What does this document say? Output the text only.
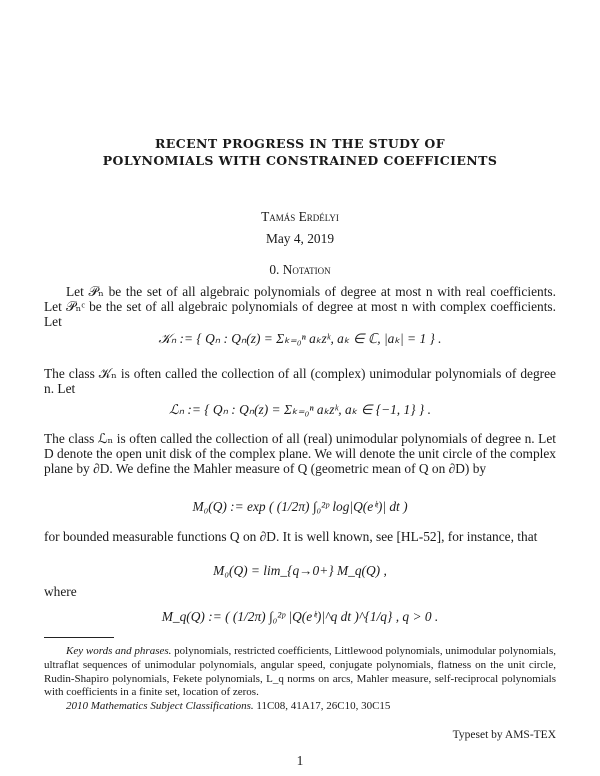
RECENT PROGRESS IN THE STUDY OF
POLYNOMIALS WITH CONSTRAINED COEFFICIENTS
Tamás Erdélyi
May 4, 2019
0. Notation
Let 𝒫ₙ be the set of all algebraic polynomials of degree at most n with real coefficients. Let 𝒫ₙᶜ be the set of all algebraic polynomials of degree at most n with complex coefficients. Let
𝒦ₙ := { Qₙ : Qₙ(z) = Σₖ₌₀ⁿ aₖzᵏ, aₖ ∈ ℂ, |aₖ| = 1 } .
The class 𝒦ₙ is often called the collection of all (complex) unimodular polynomials of degree n. Let
ℒₙ := { Qₙ : Qₙ(z) = Σₖ₌₀ⁿ aₖzᵏ, aₖ ∈ {−1, 1} } .
The class ℒₙ is often called the collection of all (real) unimodular polynomials of degree n. Let D denote the open unit disk of the complex plane. We will denote the unit circle of the complex plane by ∂D. We define the Mahler measure of Q (geometric mean of Q on ∂D) by
M₀(Q) := exp ( (1/2π) ∫₀²ᵖ log|Q(eⁱᵗ)| dt )
for bounded measurable functions Q on ∂D. It is well known, see [HL-52], for instance, that
M₀(Q) = lim_{q→0+} M_q(Q) ,
where
M_q(Q) := ( (1/2π) ∫₀²ᵖ |Q(eⁱᵗ)|^q dt )^{1/q} , q > 0 .
Key words and phrases. polynomials, restricted coefficients, Littlewood polynomials, unimodular polynomials, ultraflat sequences of unimodular polynomials, angular speed, conjugate polynomials, flatness on the unit circle, Rudin-Shapiro polynomials, Fekete polynomials, L_q norms on arcs, Mahler measure, self-reciprocal polynomials with coefficients in a finite set, location of zeros.
2010 Mathematics Subject Classifications. 11C08, 41A17, 26C10, 30C15
Typeset by AMS-TEX
1
